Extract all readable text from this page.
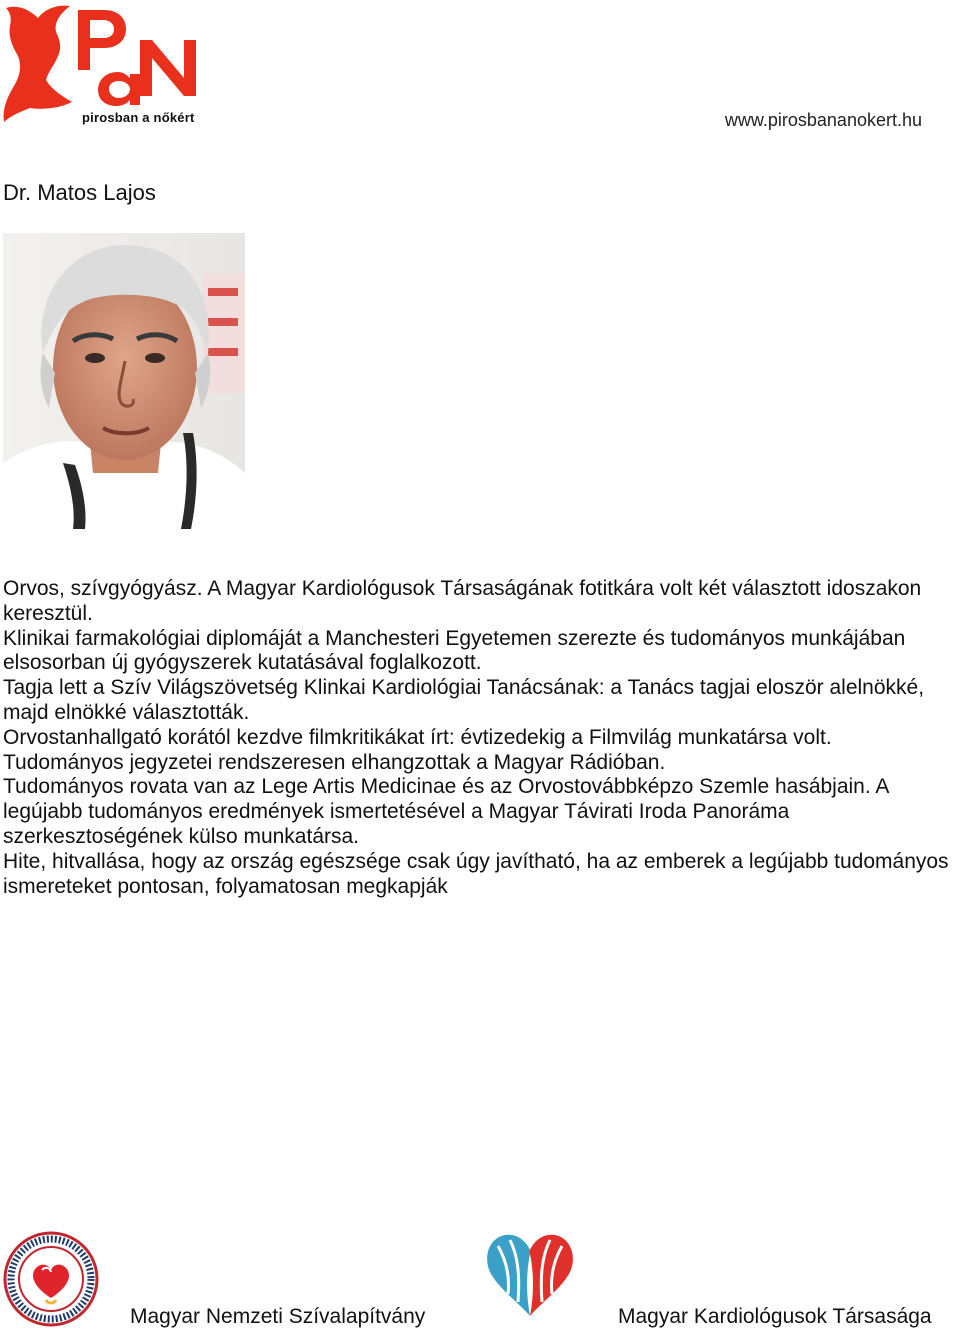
pirosban a nőkért	www.pirosbananokert.hu
Dr. Matos Lajos

Orvos, szívgyógyász. A Magyar Kardiológusok Társaságának fotitkára volt két választott idoszakon keresztül.

Klinikai farmakológiai diplomáját a Manchesteri Egyetemen szerezte és tudományos munkájában elsosorban új gyógyszerek kutatásával foglalkozott.

Tagja lett a Szív Világszövetség Klinkai Kardiológiai Tanácsának: a Tanács tagjai eloször alelnökké, majd elnökké választották.

Orvostanhallgató korától kezdve filmkritikákat írt: évtizedekig a Filmvilág munkatársa volt.

Tudományos jegyzetei rendszeresen elhangzottak a Magyar Rádióban.

Tudományos rovata van az Lege Artis Medicinae és az Orvostovábbképzo Szemle hasábjain. A legújabb tudományos eredmények ismertetésével a Magyar Távirati Iroda Panoráma szerkesztoségének külso munkatársa.

Hite, hitvallása, hogy az ország egészsége csak úgy javítható, ha az emberek a legújabb tudományos ismereteket pontosan, folyamatosan megkapják

Magyar Nemzeti Szívalapítvány	Magyar Kardiológusok Társasága
